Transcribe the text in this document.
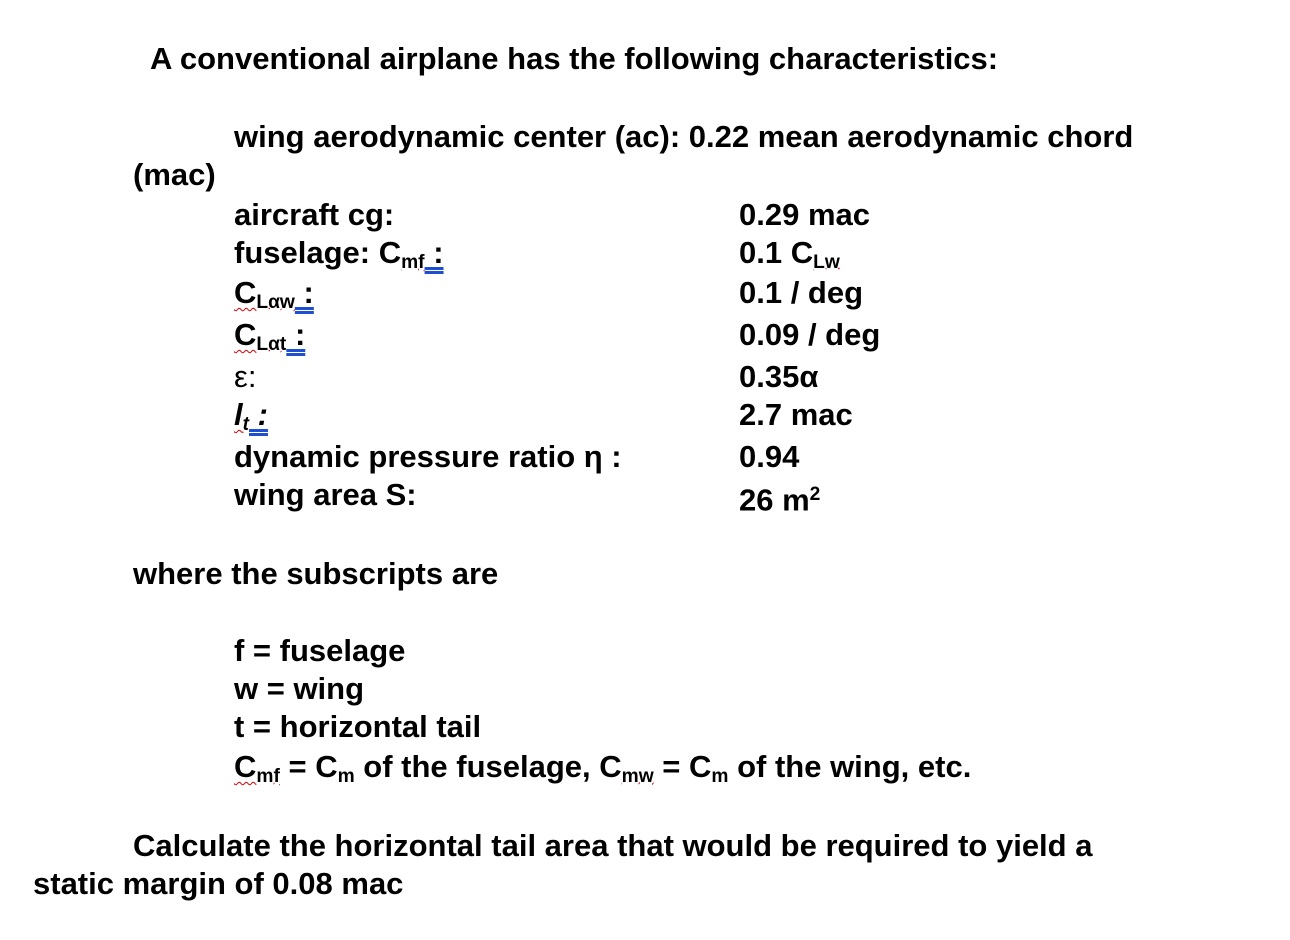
A conventional airplane has the following characteristics:
wing aerodynamic center (ac): 0.22 mean aerodynamic chord
(mac)
aircraft cg:	0.29 mac
fuselage: $C_{mf}$ :	0.1 $C_{Lw}$
$C_{L\alpha w}$ :	0.1 / deg
$C_{L\alpha t}$ :	0.09 / deg
ε:	0.35α
$l_t$ :	2.7 mac
dynamic pressure ratio η :	0.94
wing area S:	26 $m^2$
where the subscripts are
f = fuselage
w = wing
t = horizontal tail
$C_{mf} = C_m$ of the fuselage, $C_{mw} = C_m$ of the wing, etc.
Calculate the horizontal tail area that would be required to yield a
static margin of 0.08 mac
